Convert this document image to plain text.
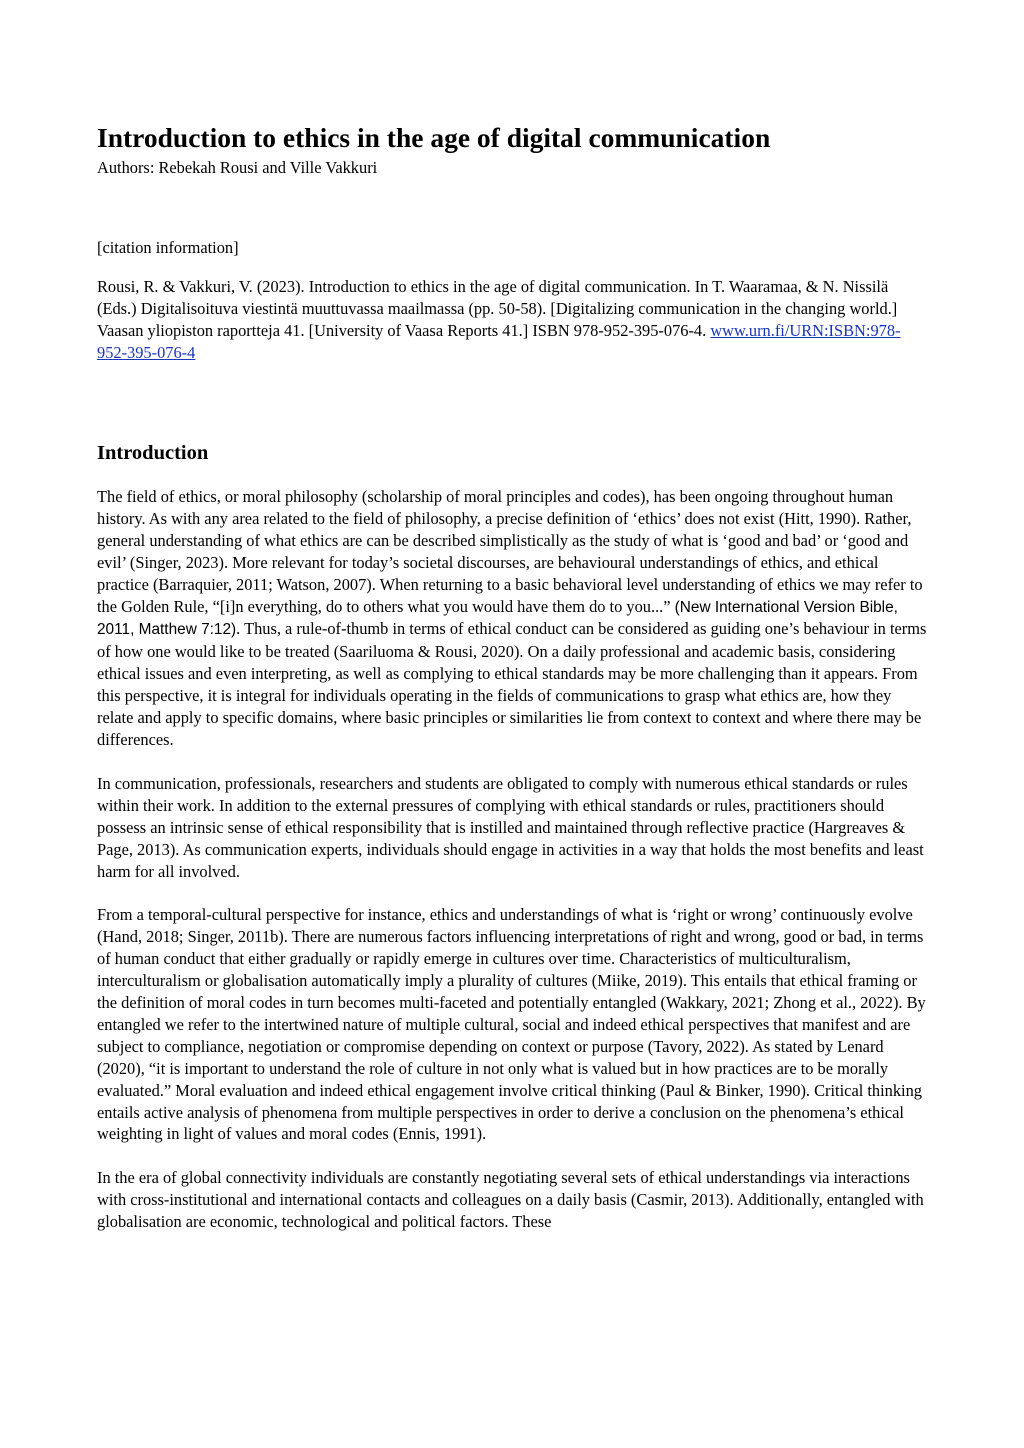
Introduction to ethics in the age of digital communication

Authors: Rebekah Rousi and Ville Vakkuri

[citation information]

Rousi, R. & Vakkuri, V. (2023). Introduction to ethics in the age of digital communication. In T. Waaramaa, & N. Nissilä (Eds.) Digitalisoituva viestintä muuttuvassa maailmassa (pp. 50-58). [Digitalizing communication in the changing world.] Vaasan yliopiston raportteja 41. [University of Vaasa Reports 41.] ISBN 978-952-395-076-4. www.urn.fi/URN:ISBN:978-952-395-076-4

Introduction

The field of ethics, or moral philosophy (scholarship of moral principles and codes), has been ongoing throughout human history. As with any area related to the field of philosophy, a precise definition of ‘ethics’ does not exist (Hitt, 1990). Rather, general understanding of what ethics are can be described simplistically as the study of what is ‘good and bad’ or ‘good and evil’ (Singer, 2023). More relevant for today’s societal discourses, are behavioural understandings of ethics, and ethical practice (Barraquier, 2011; Watson, 2007). When returning to a basic behavioral level understanding of ethics we may refer to the Golden Rule, “[i]n everything, do to others what you would have them do to you...” (New International Version Bible, 2011, Matthew 7:12). Thus, a rule-of-thumb in terms of ethical conduct can be considered as guiding one’s behaviour in terms of how one would like to be treated (Saariluoma & Rousi, 2020). On a daily professional and academic basis, considering ethical issues and even interpreting, as well as complying to ethical standards may be more challenging than it appears. From this perspective, it is integral for individuals operating in the fields of communications to grasp what ethics are, how they relate and apply to specific domains, where basic principles or similarities lie from context to context and where there may be differences.

In communication, professionals, researchers and students are obligated to comply with numerous ethical standards or rules within their work. In addition to the external pressures of complying with ethical standards or rules, practitioners should possess an intrinsic sense of ethical responsibility that is instilled and maintained through reflective practice (Hargreaves & Page, 2013). As communication experts, individuals should engage in activities in a way that holds the most benefits and least harm for all involved.

From a temporal-cultural perspective for instance, ethics and understandings of what is ‘right or wrong’ continuously evolve (Hand, 2018; Singer, 2011b). There are numerous factors influencing interpretations of right and wrong, good or bad, in terms of human conduct that either gradually or rapidly emerge in cultures over time. Characteristics of multiculturalism, interculturalism or globalisation automatically imply a plurality of cultures (Miike, 2019). This entails that ethical framing or the definition of moral codes in turn becomes multi-faceted and potentially entangled (Wakkary, 2021; Zhong et al., 2022). By entangled we refer to the intertwined nature of multiple cultural, social and indeed ethical perspectives that manifest and are subject to compliance, negotiation or compromise depending on context or purpose (Tavory, 2022). As stated by Lenard (2020), “it is important to understand the role of culture in not only what is valued but in how practices are to be morally evaluated.” Moral evaluation and indeed ethical engagement involve critical thinking (Paul & Binker, 1990). Critical thinking entails active analysis of phenomena from multiple perspectives in order to derive a conclusion on the phenomena’s ethical weighting in light of values and moral codes (Ennis, 1991).

In the era of global connectivity individuals are constantly negotiating several sets of ethical understandings via interactions with cross-institutional and international contacts and colleagues on a daily basis (Casmir, 2013). Additionally, entangled with globalisation are economic, technological and political factors. These
